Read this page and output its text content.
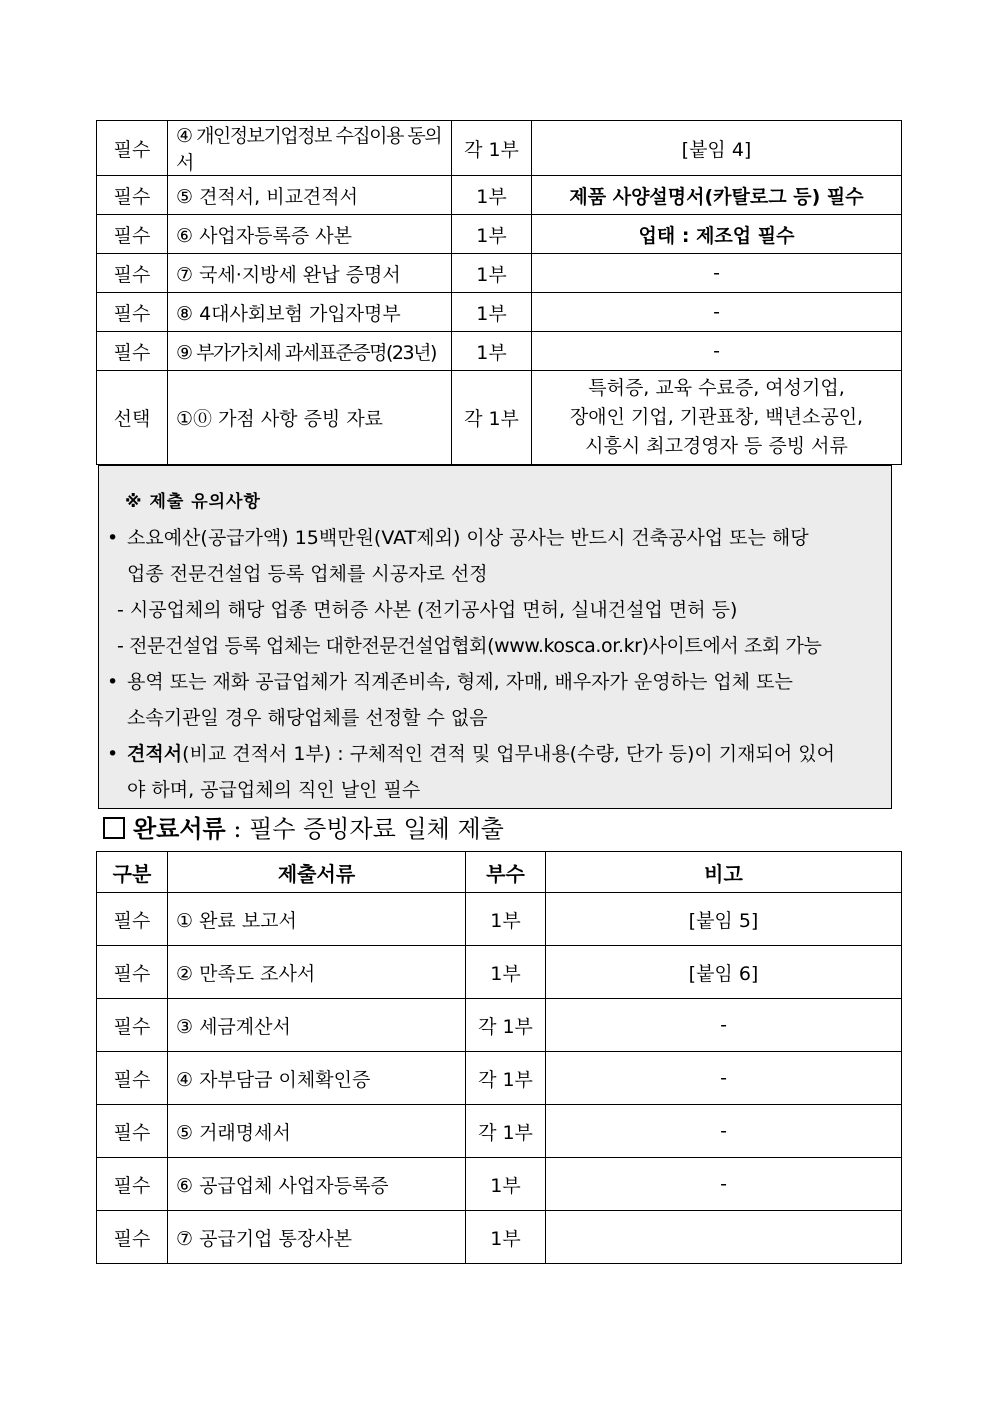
필수	④ 개인정보기업정보 수집이용 동의서	각 1부	[붙임 4]
필수	⑤ 견적서, 비교견적서	1부	제품 사양설명서(카탈로그 등) 필수
필수	⑥ 사업자등록증 사본	1부	업태 : 제조업 필수
필수	⑦ 국세·지방세 완납 증명서	1부	-
필수	⑧ 4대사회보험 가입자명부	1부	-
필수	⑨ 부가가치세 과세표준증명(23년)	1부	-
선택	①⓪ 가점 사항 증빙 자료	각 1부	특허증, 교육 수료증, 여성기업,
장애인 기업, 기관표창, 백년소공인,
시흥시 최고경영자 등 증빙 서류
※ 제출 유의사항
• 소요예산(공급가액) 15백만원(VAT제외) 이상 공사는 반드시 건축공사업 또는 해당
업종 전문건설업 등록 업체를 시공자로 선정
- 시공업체의 해당 업종 면허증 사본 (전기공사업 면허, 실내건설업 면허 등)
- 전문건설업 등록 업체는 대한전문건설업협회(www.kosca.or.kr)사이트에서 조회 가능
• 용역 또는 재화 공급업체가 직계존비속, 형제, 자매, 배우자가 운영하는 업체 또는
소속기관일 경우 해당업체를 선정할 수 없음
• 견적서(비교 견적서 1부) : 구체적인 견적 및 업무내용(수량, 단가 등)이 기재되어 있어
야 하며, 공급업체의 직인 날인 필수
완료서류 : 필수 증빙자료 일체 제출
구분	제출서류	부수	비고
필수	① 완료 보고서	1부	[붙임 5]
필수	② 만족도 조사서	1부	[붙임 6]
필수	③ 세금계산서	각 1부	-
필수	④ 자부담금 이체확인증	각 1부	-
필수	⑤ 거래명세서	각 1부	-
필수	⑥ 공급업체 사업자등록증	1부	-
필수	⑦ 공급기업 통장사본	1부	
